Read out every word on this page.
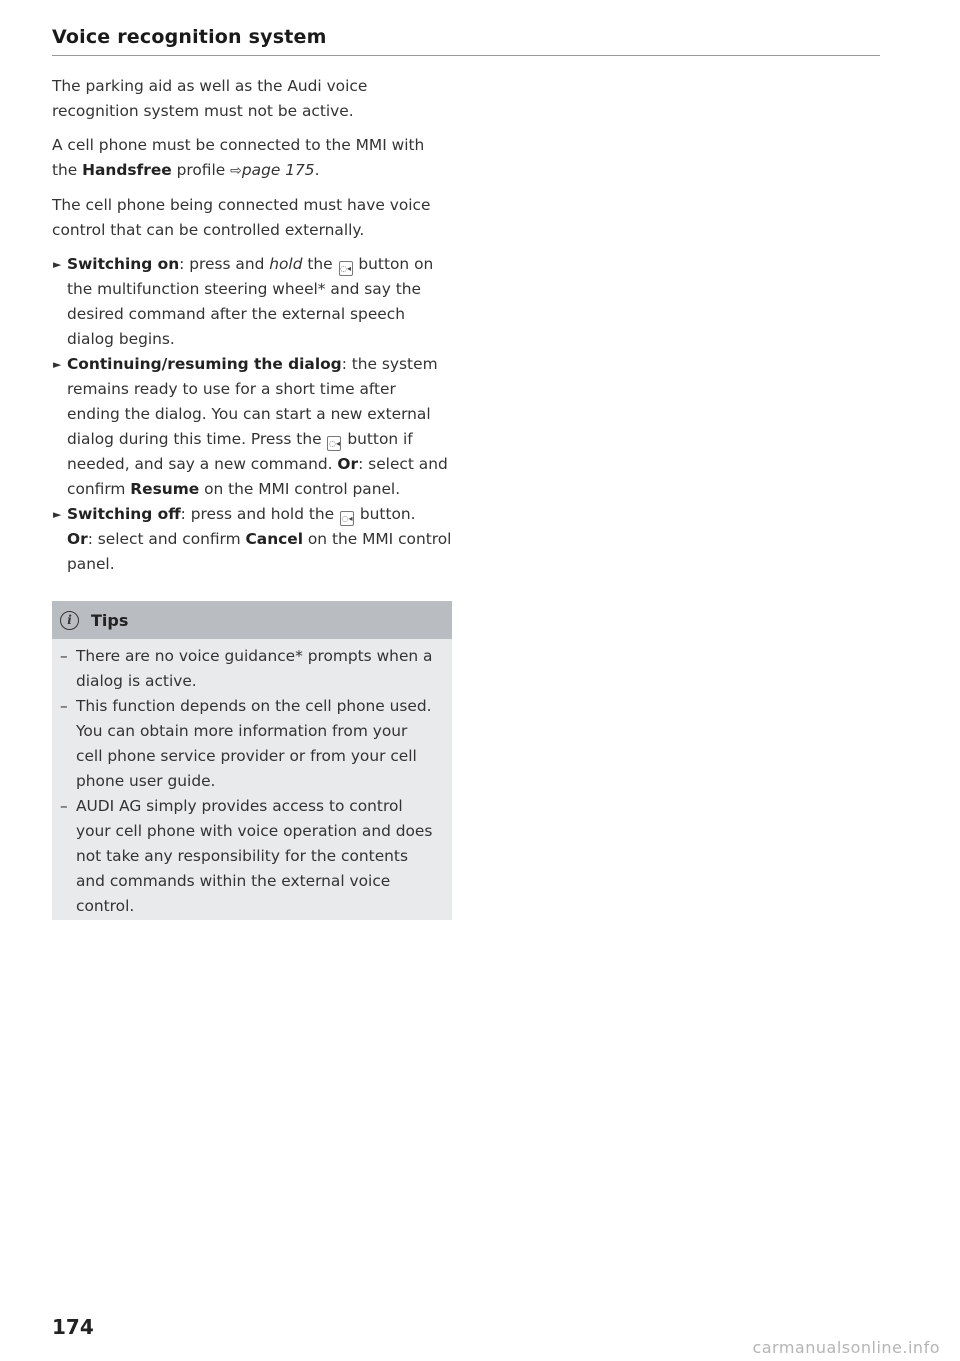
Voice recognition system

The parking aid as well as the Audi voice recognition system must not be active.

A cell phone must be connected to the MMI with the Handsfree profile ⇨page 175.

The cell phone being connected must have voice control that can be controlled externally.

► Switching on: press and hold the ◌◂ button on the multifunction steering wheel* and say the desired command after the external speech dialog begins.
► Continuing/resuming the dialog: the system remains ready to use for a short time after ending the dialog. You can start a new external dialog during this time. Press the ◌◂ button if needed, and say a new command. Or: select and confirm Resume on the MMI control panel.
► Switching off: press and hold the ◌◂ button.
Or: select and confirm Cancel on the MMI control panel.
i	Tips
– There are no voice guidance* prompts when a dialog is active.
– This function depends on the cell phone used. You can obtain more information from your cell phone service provider or from your cell phone user guide.
– AUDI AG simply provides access to control your cell phone with voice operation and does not take any responsibility for the contents and commands within the external voice control.
174
carmanualsonline.info
